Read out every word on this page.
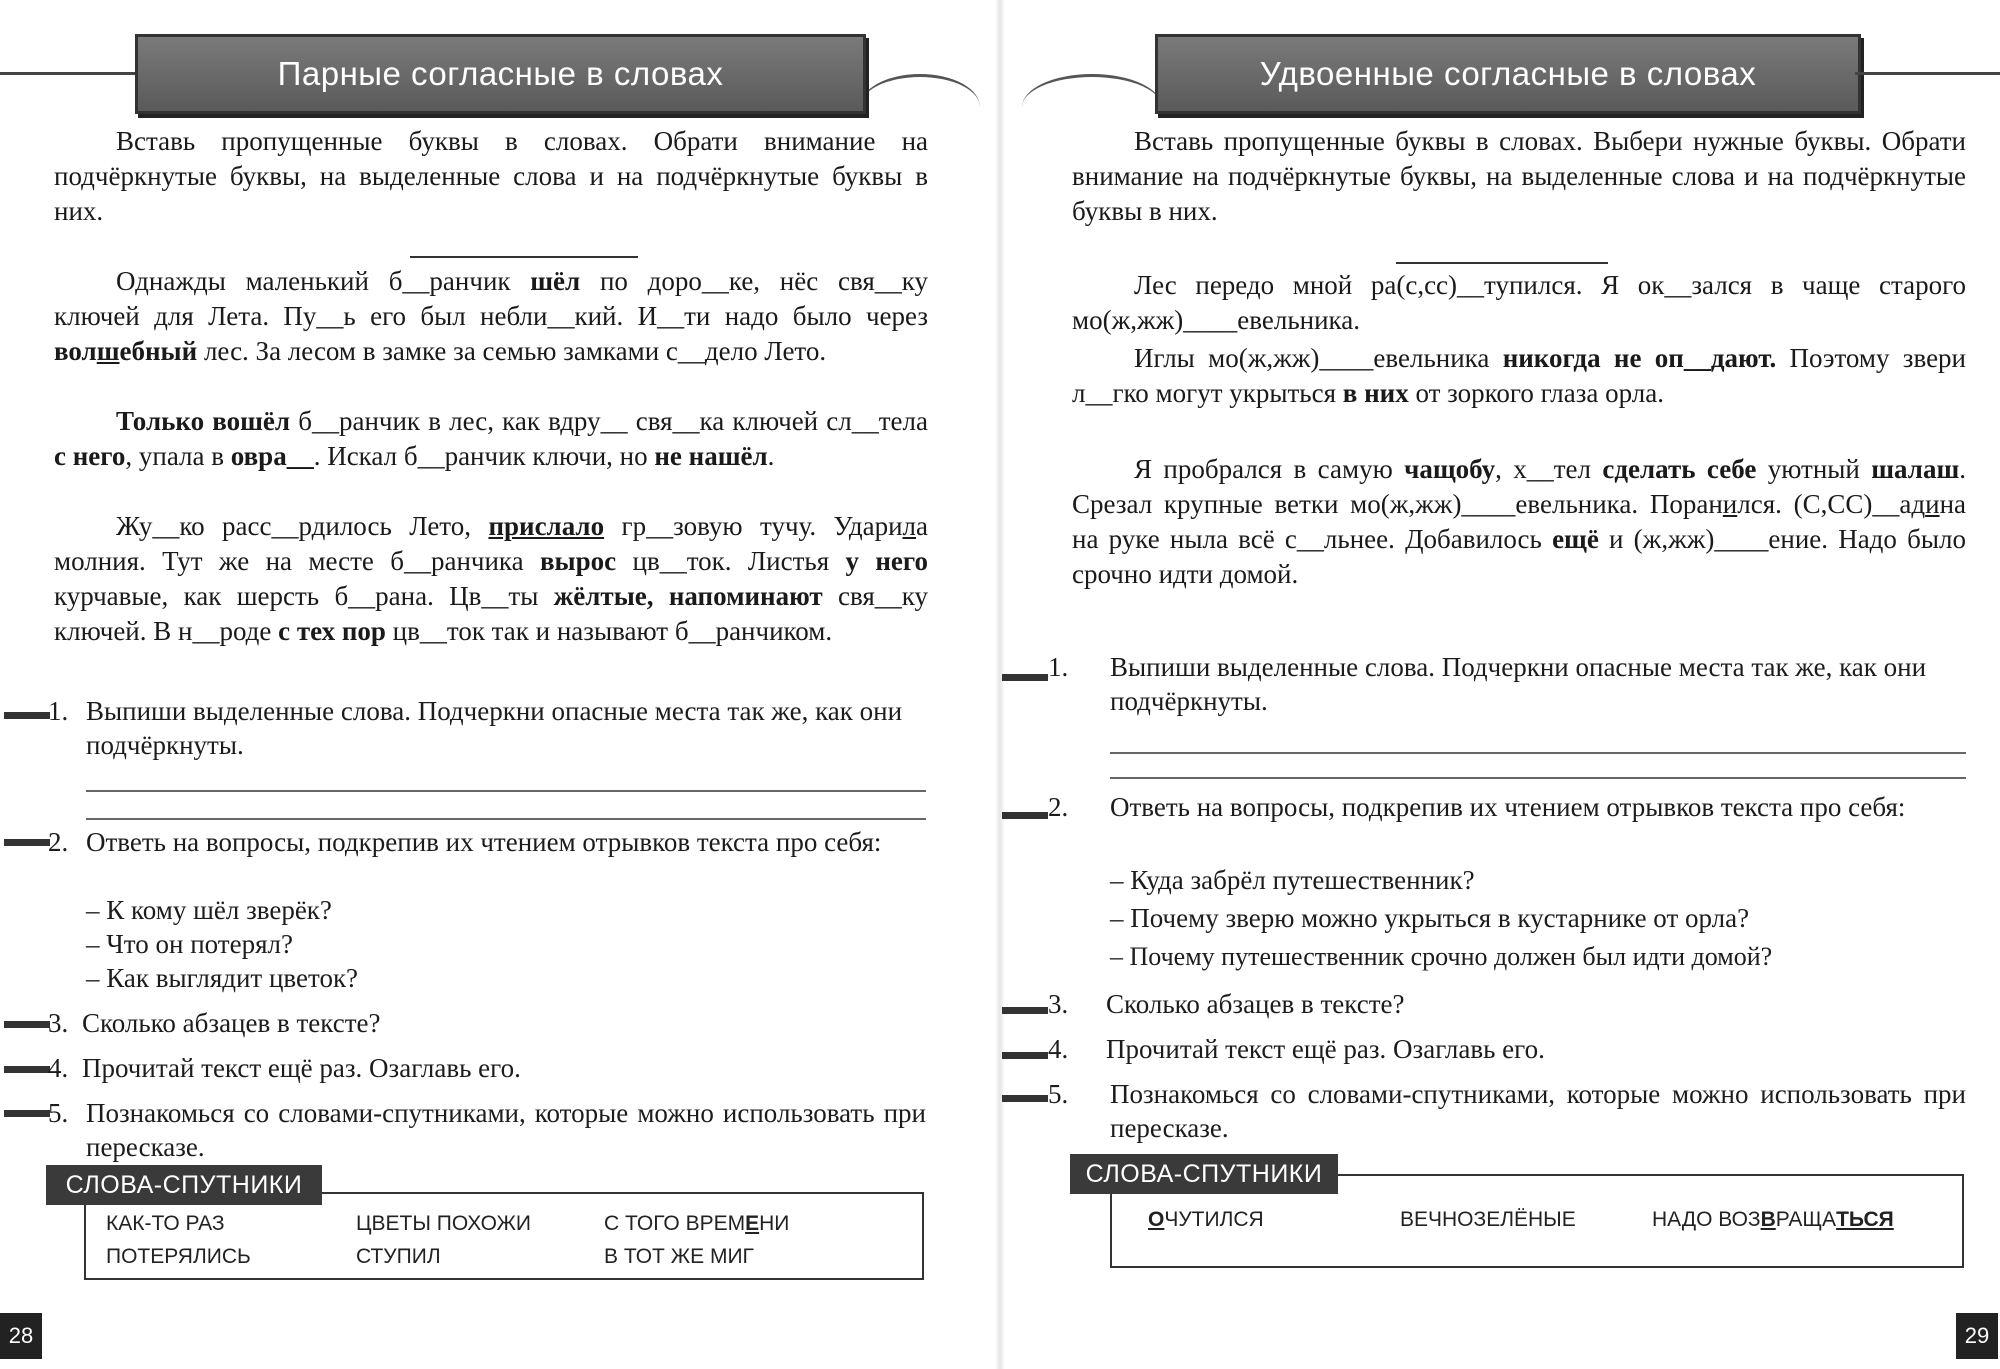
Парные согласные в словах

Вставь пропущенные буквы в словах. Обрати внимание на подчёркнутые буквы, на выделенные слова и на подчёркнутые буквы в них.

Однажды маленький б__ранчик шёл по доро__ке, нёс свя__ку ключей для Лета. Пу__ь его был небли__кий. И__ти надо было через волшебный лес. За лесом в замке за семью замками с__дело Лето.

Только вошёл б__ранчик в лес, как вдру__ свя__ка ключей сл__тела с него, упала в овра__. Искал б__ранчик ключи, но не нашёл.

Жу__ко расс__рдилось Лето, прислало гр__зовую тучу. Ударила молния. Тут же на месте б__ранчика вырос цв__ток. Листья у него курчавые, как шерсть б__рана. Цв__ты жёлтые, напоминают свя__ку ключей. В н__роде с тех пор цв__ток так и называют б__ранчиком.

1. Выпиши выделенные слова. Подчеркни опасные места так же, как они подчёркнуты.
2. Ответь на вопросы, подкрепив их чтением отрывков текста про себя:
– К кому шёл зверёк?
– Что он потерял?
– Как выглядит цветок?
3. Сколько абзацев в тексте?
4. Прочитай текст ещё раз. Озаглавь его.
5. Познакомься со словами-спутниками, которые можно использовать при пересказе.
СЛОВА-СПУТНИКИ
КАК-ТО РАЗ	ЦВЕТЫ ПОХОЖИ	С ТОГО ВРЕМЕНИ
ПОТЕРЯЛИСЬ	СТУПИЛ	В ТОТ ЖЕ МИГ
28
Удвоенные согласные в словах

Вставь пропущенные буквы в словах. Выбери нужные буквы. Обрати внимание на подчёркнутые буквы, на выделенные слова и на подчёркнутые буквы в них.

Лес передо мной ра(с,сс)__тупился. Я ок__зался в чаще старого мо(ж,жж)____евельника.

Иглы мо(ж,жж)____евельника никогда не оп__дают. Поэтому звери л__гко могут укрыться в них от зоркого глаза орла.

Я пробрался в самую чащобу, х__тел сделать себе уютный шалаш. Срезал крупные ветки мо(ж,жж)____евельника. Поранился. (С,СС)__адина на руке ныла всё с__льнее. Добавилось ещё и (ж,жж)____ение. Надо было срочно идти домой.

1. Выпиши выделенные слова. Подчеркни опасные места так же, как они подчёркнуты.
2. Ответь на вопросы, подкрепив их чтением отрывков текста про себя:
– Куда забрёл путешественник?
– Почему зверю можно укрыться в кустарнике от орла?
– Почему путешественник срочно должен был идти домой?
3. Сколько абзацев в тексте?
4. Прочитай текст ещё раз. Озаглавь его.
5. Познакомься со словами-спутниками, которые можно использовать при пересказе.
СЛОВА-СПУТНИКИ
ОЧУТИЛСЯ	ВЕЧНОЗЕЛЁНЫЕ	НАДО ВОЗВРАЩАТЬСЯ
29
